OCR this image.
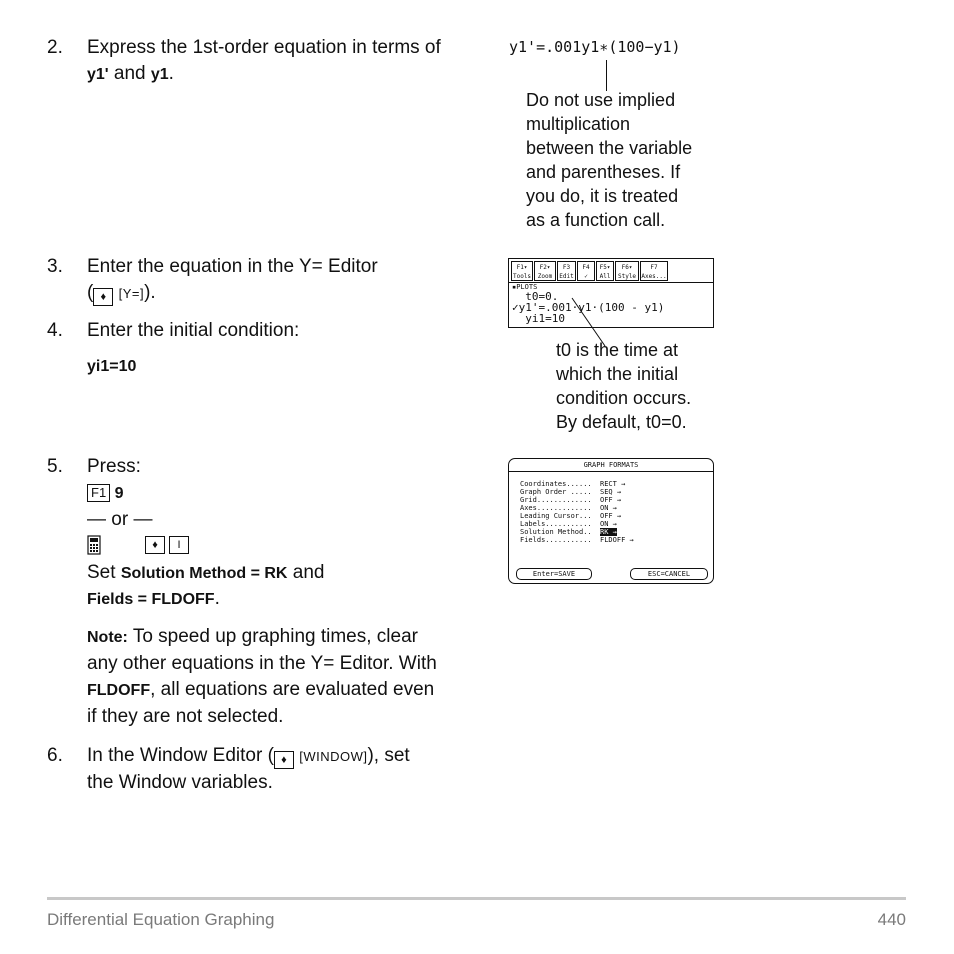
2. Express the 1st-order equation in terms of
y1' and y1.
y1'=.001y1∗(100−y1)
Do not use implied
multiplication
between the variable
and parentheses. If
you do, it is treated
as a function call.
3. Enter the equation in the Y= Editor
( ♦ [Y=]).
4. Enter the initial condition:
yi1=10
F1▾
Tools
F2▾
Zoom
F3
Edit
F4
✓
F5▾
All
F6▾
Style
F7
Axes...
▪PLOTS
t0=0.
✓y1'=.001·y1·(100 - y1)
yi1=10
t0 is the time at
which the initial
condition occurs.
By default, t0=0.
5. Press:
F1 9
— or —
♦	I
Set Solution Method = RK and
Fields = FLDOFF.
Note: To speed up graphing times, clear
any other equations in the Y= Editor. With
FLDOFF, all equations are evaluated even
if they are not selected.
GRAPH FORMATS
Coordinates...... RECT →
Graph Order ..... SEQ →
Grid............. OFF →
Axes............. ON →
Leading Cursor... OFF →
Labels........... ON →
Solution Method.. RK →
Fields........... FLDOFF →
Enter=SAVE	ESC=CANCEL
6. In the Window Editor ( ♦ [WINDOW]), set
the Window variables.
Differential Equation Graphing	440
